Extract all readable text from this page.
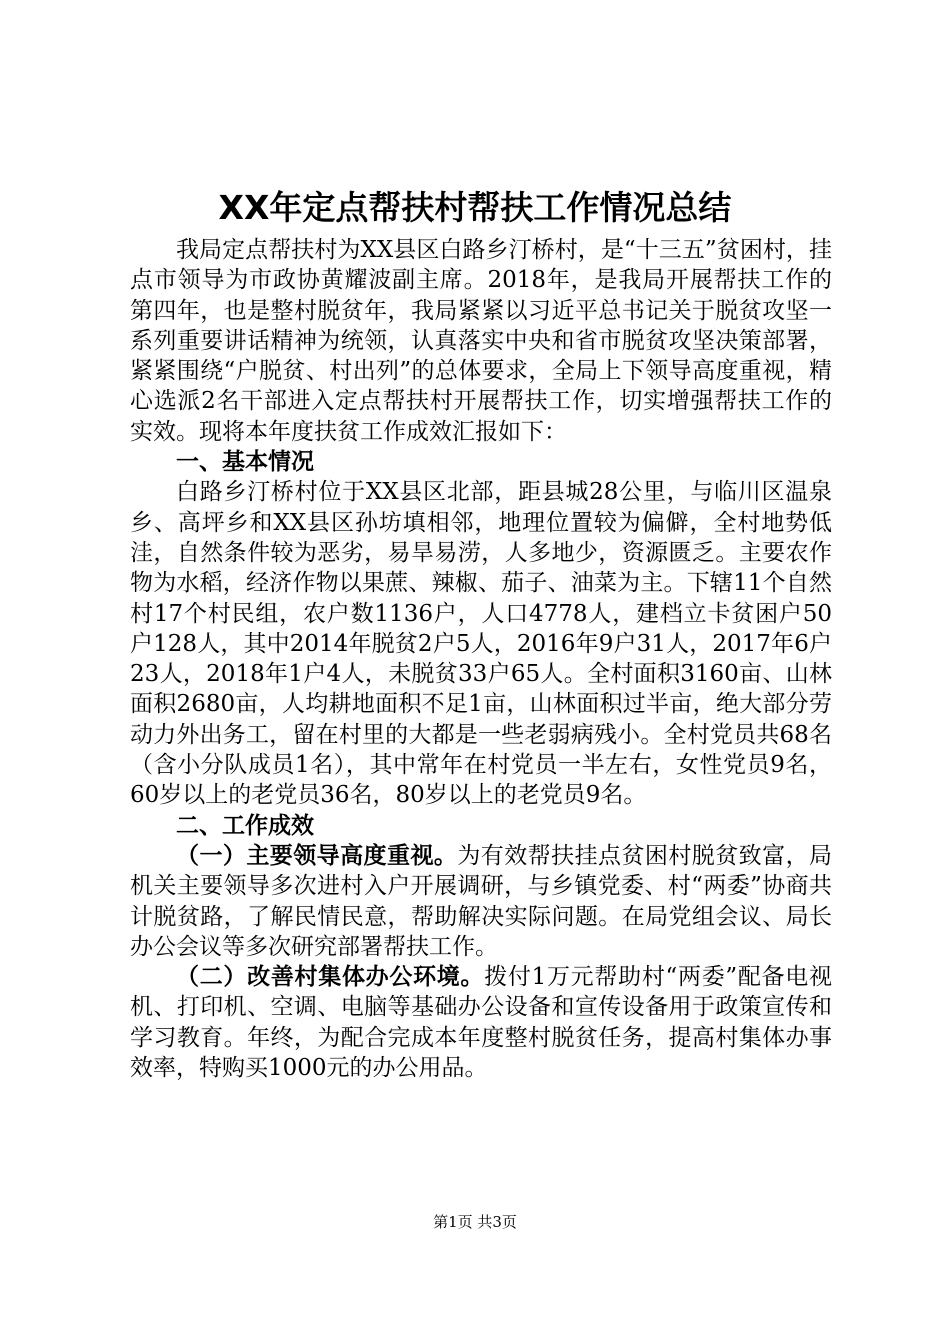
XX年定点帮扶村帮扶工作情况总结

我局定点帮扶村为XX县区白路乡汀桥村，是“十三五”贫困村，挂点市领导为市政协黄耀波副主席。2018年，是我局开展帮扶工作的第四年，也是整村脱贫年，我局紧紧以习近平总书记关于脱贫攻坚一系列重要讲话精神为统领，认真落实中央和省市脱贫攻坚决策部署，紧紧围绕“户脱贫、村出列”的总体要求，全局上下领导高度重视，精心选派2名干部进入定点帮扶村开展帮扶工作，切实增强帮扶工作的实效。现将本年度扶贫工作成效汇报如下：

一、基本情况

白路乡汀桥村位于XX县区北部，距县城28公里，与临川区温泉乡、高坪乡和XX县区孙坊填相邻，地理位置较为偏僻，全村地势低洼，自然条件较为恶劣，易旱易涝，人多地少，资源匮乏。主要农作物为水稻，经济作物以果蔗、辣椒、茄子、油菜为主。下辖11个自然村17个村民组，农户数1136户，人口4778人，建档立卡贫困户50户128人，其中2014年脱贫2户5人，2016年9户31人，2017年6户23人，2018年1户4人，未脱贫33户65人。全村面积3160亩、山林面积2680亩，人均耕地面积不足1亩，山林面积过半亩，绝大部分劳动力外出务工，留在村里的大都是一些老弱病残小。全村党员共68名（含小分队成员1名），其中常年在村党员一半左右，女性党员9名，60岁以上的老党员36名，80岁以上的老党员9名。

二、工作成效

（一）主要领导高度重视。为有效帮扶挂点贫困村脱贫致富，局机关主要领导多次进村入户开展调研，与乡镇党委、村“两委”协商共计脱贫路，了解民情民意，帮助解决实际问题。在局党组会议、局长办公会议等多次研究部署帮扶工作。

（二）改善村集体办公环境。拨付1万元帮助村“两委”配备电视机、打印机、空调、电脑等基础办公设备和宣传设备用于政策宣传和学习教育。年终，为配合完成本年度整村脱贫任务，提高村集体办事效率，特购买1000元的办公用品。

第1页 共3页
